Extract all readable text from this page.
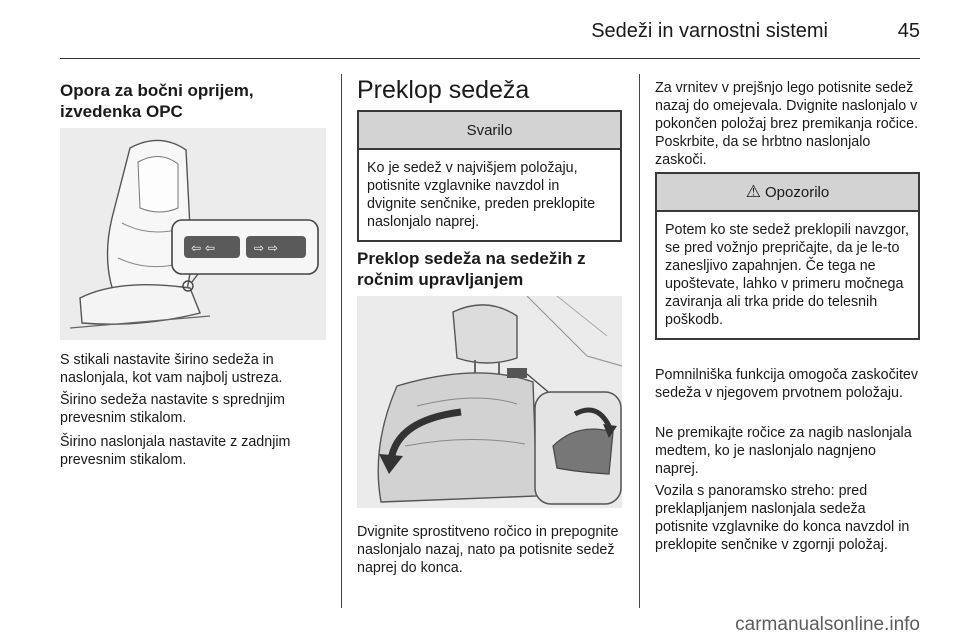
Sedeži in varnostni sistemi	45
Opora za bočni oprijem, izvedenka OPC
⇦ ⇦	⇨ ⇨
S stikali nastavite širino sedeža in naslonjala, kot vam najbolj ustreza.
Širino sedeža nastavite s sprednjim prevesnim stikalom.
Širino naslonjala nastavite z zadnjim prevesnim stikalom.
Preklop sedeža
Svarilo
Ko je sedež v najvišjem položaju, potisnite vzglavnike navzdol in dvignite senčnike, preden preklopite naslonjalo naprej.
Preklop sedeža na sedežih z ročnim upravljanjem
Dvignite sprostitveno ročico in prepognite naslonjalo nazaj, nato pa potisnite sedež naprej do konca.
Za vrnitev v prejšnjo lego potisnite sedež nazaj do omejevala. Dvignite naslonjalo v pokončen položaj brez premikanja ročice. Poskrbite, da se hrbtno naslonjalo zaskoči.
⚠ Opozorilo
Potem ko ste sedež preklopili navzgor, se pred vožnjo prepričajte, da je le-to zanesljivo zapahnjen. Če tega ne upoštevate, lahko v primeru močnega zaviranja ali trka pride do telesnih poškodb.
Pomnilniška funkcija omogoča zaskočitev sedeža v njegovem prvotnem položaju.
Ne premikajte ročice za nagib naslonjala medtem, ko je naslonjalo nagnjeno naprej.
Vozila s panoramsko streho: pred preklapljanjem naslonjala sedeža potisnite vzglavnike do konca navzdol in preklopite senčnike v zgornji položaj.
carmanualsonline.info
